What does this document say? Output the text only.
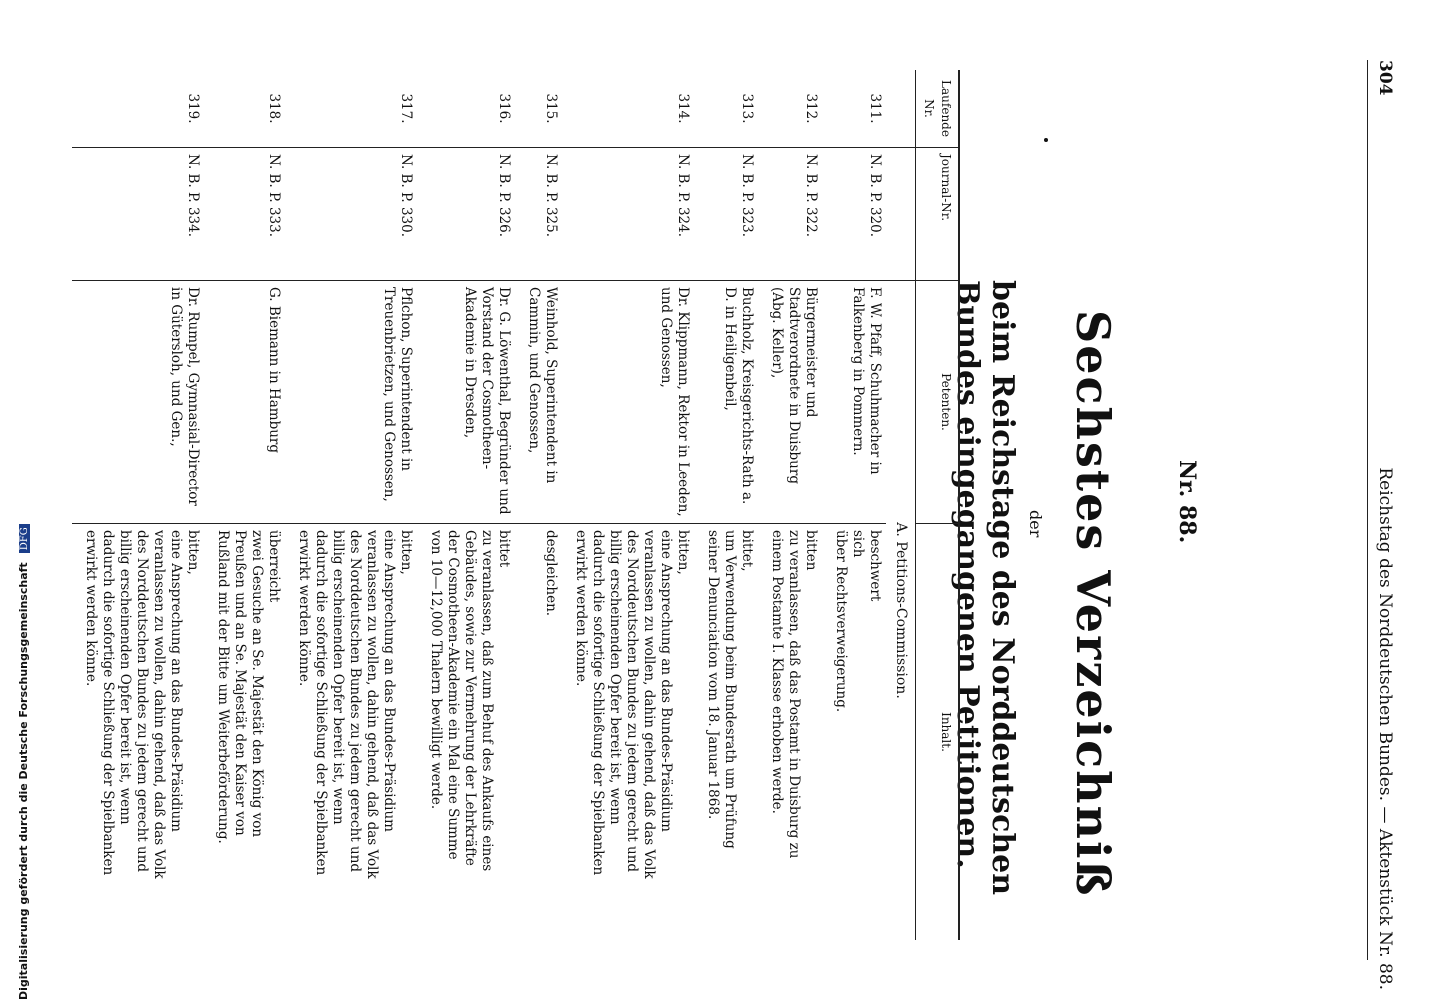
304
Reichstag des Norddeutschen Bundes. — Aktenstück Nr. 88.
Nr. 88.
Sechstes Verzeichniß
der
beim Reichstage des Norddeutschen Bundes eingegangenen Petitionen.
Laufende Nr.	Journal-Nr.	Petenten.	Inhalt.
		A. Petitions-Commission.	
311.	N. B. P. 320.	F. W. Pfaff, Schuhmacher in Falkenberg in Pommern.	beschwert sichüber Rechtsverweigerung.
312.	N. B. P. 322.	Bürgermeister und Stadtverordnete in Duisburg (Abg. Keller),	bittenzu veranlassen, daß das Postamt in Duisburg zu einem Postamte I. Klasse erhoben werde.
313.	N. B. P. 323.	Buchholz, Kreisgerichts-Rath a. D. in Heiligenbeil,	bittet,um Verwendung beim Bundesrath um Prüfung seiner Denunciation vom 18. Januar 1868.
314.	N. B. P. 324.	Dr. Klippmann, Rektor in Leeden, und Genossen,	bitten,eine Ansprechung an das Bundes-Präsidium veranlassen zu wollen, dahin gehend, daß das Volk des Norddeutschen Bundes zu jedem gerecht und billig erscheinenden Opfer bereit ist, wenn dadurch die sofortige Schließung der Spielbanken erwirkt werden könne.
315.	N. B. P. 325.	Weinhold, Superintendent in Cammin, und Genossen,	desgleichen.
316.	N. B. P. 326.	Dr. G. Löwenthal, Begründer und Vorstand der Cosmotheen-Akademie in Dresden,	bittetzu veranlassen, daß zum Behuf des Ankaufs eines Gebäudes, sowie zur Vermehrung der Lehrkräfte der Cosmotheen-Akademie ein Mal eine Summe von 10—12,000 Thalern bewilligt werde.
317.	N. B. P. 330.	Pflchon, Superintendent in Treuenbrietzen, und Genossen,	bitten,eine Ansprechung an das Bundes-Präsidium veranlassen zu wollen, dahin gehend, daß das Volk des Norddeutschen Bundes zu jedem gerecht und billig erscheinenden Opfer bereit ist, wenn dadurch die sofortige Schließung der Spielbanken erwirkt werden könne.
318.	N. B. P. 333.	G. Biemann in Hamburg	überreichtzwei Gesuche an Se. Majestät den König von Preußen und an Se. Majestät den Kaiser von Rußland mit der Bitte um Weiterbeförderung.
319.	N. B. P. 334.	Dr. Rumpel, Gymnasial-Director in Gütersloh, und Gen.,	bitten,eine Ansprechung an das Bundes-Präsidium veranlassen zu wollen, dahin gehend, daß das Volk des Norddeutschen Bundes zu jedem gerecht und billig erscheinenden Opfer bereit ist, wenn dadurch die sofortige Schließung der Spielbanken erwirkt werden könne.
Digitalisierung gefördert durch die Deutsche Forschungsgemeinschaft DFG
